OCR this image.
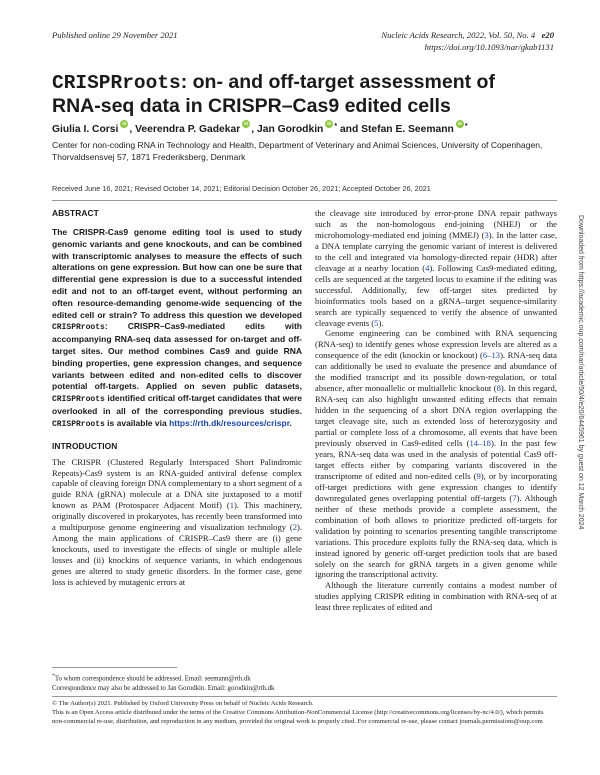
Published online 29 November 2021	Nucleic Acids Research, 2022, Vol. 50, No. 4 e20
https://doi.org/10.1093/nar/gkab1131
CRISPRroots: on- and off-target assessment of
RNA-seq data in CRISPR–Cas9 edited cells
Giulia I. Corsi iD , Veerendra P. Gadekar iD , Jan Gorodkin iD * and Stefan E. Seemann iD *
Center for non-coding RNA in Technology and Health, Department of Veterinary and Animal Sciences, University of Copenhagen, Thorvaldsensvej 57, 1871 Frederiksberg, Denmark
Received June 16, 2021; Revised October 14, 2021; Editorial Decision October 26, 2021; Accepted October 26, 2021
ABSTRACT

The CRISPR-Cas9 genome editing tool is used to study genomic variants and gene knockouts, and can be combined with transcriptomic analyses to measure the effects of such alterations on gene expression. But how can one be sure that differential gene expression is due to a successful intended edit and not to an off-target event, without performing an often resource-demanding genome-wide sequencing of the edited cell or strain? To address this question we developed CRISPRroots: CRISPR–Cas9-mediated edits with accompanying RNA-seq data assessed for on-target and off-target sites. Our method combines Cas9 and guide RNA binding properties, gene expression changes, and sequence variants between edited and non-edited cells to discover potential off-targets. Applied on seven public datasets, CRISPRroots identified critical off-target candidates that were overlooked in all of the corresponding previous studies. CRISPRroots is available via https://rth.dk/resources/crispr.

INTRODUCTION

The CRISPR (Clustered Regularly Interspaced Short Palindromic Repeats)-Cas9 system is an RNA-guided antiviral defense complex capable of cleaving foreign DNA complementary to a short segment of a guide RNA (gRNA) molecule at a DNA site juxtaposed to a motif known as PAM (Protospacer Adjacent Motif) (1). This machinery, originally discovered in prokaryotes, has recently been transformed into a multipurpose genome engineering and visualization technology (2). Among the main applications of CRISPR–Cas9 there are (i) gene knockouts, used to investigate the effects of single or multiple allele losses and (ii) knockins of sequence variants, in which endogenous genes are altered to study genetic disorders. In the former case, gene loss is achieved by mutagenic errors at

the cleavage site introduced by error-prone DNA repair pathways such as the non-homologous end-joining (NHEJ) or the microhomology-mediated end joining (MMEJ) (3). In the latter case, a DNA template carrying the genomic variant of interest is delivered to the cell and integrated via homology-directed repair (HDR) after cleavage at a nearby location (4). Following Cas9-mediated editing, cells are sequenced at the targeted locus to examine if the editing was successful. Additionally, few off-target sites predicted by bioinformatics tools based on a gRNA–target sequence-similarity search are typically sequenced to verify the absence of unwanted cleavage events (5).

Genome engineering can be combined with RNA sequencing (RNA-seq) to identify genes whose expression levels are altered as a consequence of the edit (knockin or knockout) (6–13). RNA-seq data can additionally be used to evaluate the presence and abundance of the modified transcript and its possible down-regulation, or total absence, after monoallelic or multiallelic knockout (8). In this regard, RNA-seq can also highlight unwanted editing effects that remain hidden in the sequencing of a short DNA region overlapping the target cleavage site, such as extended loss of heterozygosity and partial or complete loss of a chromosome, all events that have been previously observed in Cas9-edited cells (14–18). In the past few years, RNA-seq data was used in the analysis of potential Cas9 off-target effects either by comparing variants discovered in the transcriptome of edited and non-edited cells (9), or by incorporating off-target predictions with gene expression changes to identify downregulated genes overlapping potential off-targets (7). Although neither of these methods provide a complete assessment, the combination of both allows to prioritize predicted off-targets for validation by pointing to scenarios presenting tangible transcriptome variations. This procedure exploits fully the RNA-seq data, which is instead ignored by generic off-target prediction tools that are based solely on the search for gRNA targets in a given genome while ignoring the transcriptional activity.

Although the literature currently contains a modest number of studies applying CRISPR editing in combination with RNA-seq of at least three replicates of edited and

*To whom correspondence should be addressed. Email: seemann@rth.dk
Correspondence may also be addressed to Jan Gorodkin. Email: gorodkin@rth.dk
© The Author(s) 2021. Published by Oxford University Press on behalf of Nucleic Acids Research.
This is an Open Access article distributed under the terms of the Creative Commons Attribution-NonCommercial License (http://creativecommons.org/licenses/by-nc/4.0/), which permits non-commercial re-use, distribution, and reproduction in any medium, provided the original work is properly cited. For commercial re-use, please contact journals.permissions@oup.com
Downloaded from https://academic.oup.com/nar/article/50/4/e20/6445961 by guest on 12 March 2024
